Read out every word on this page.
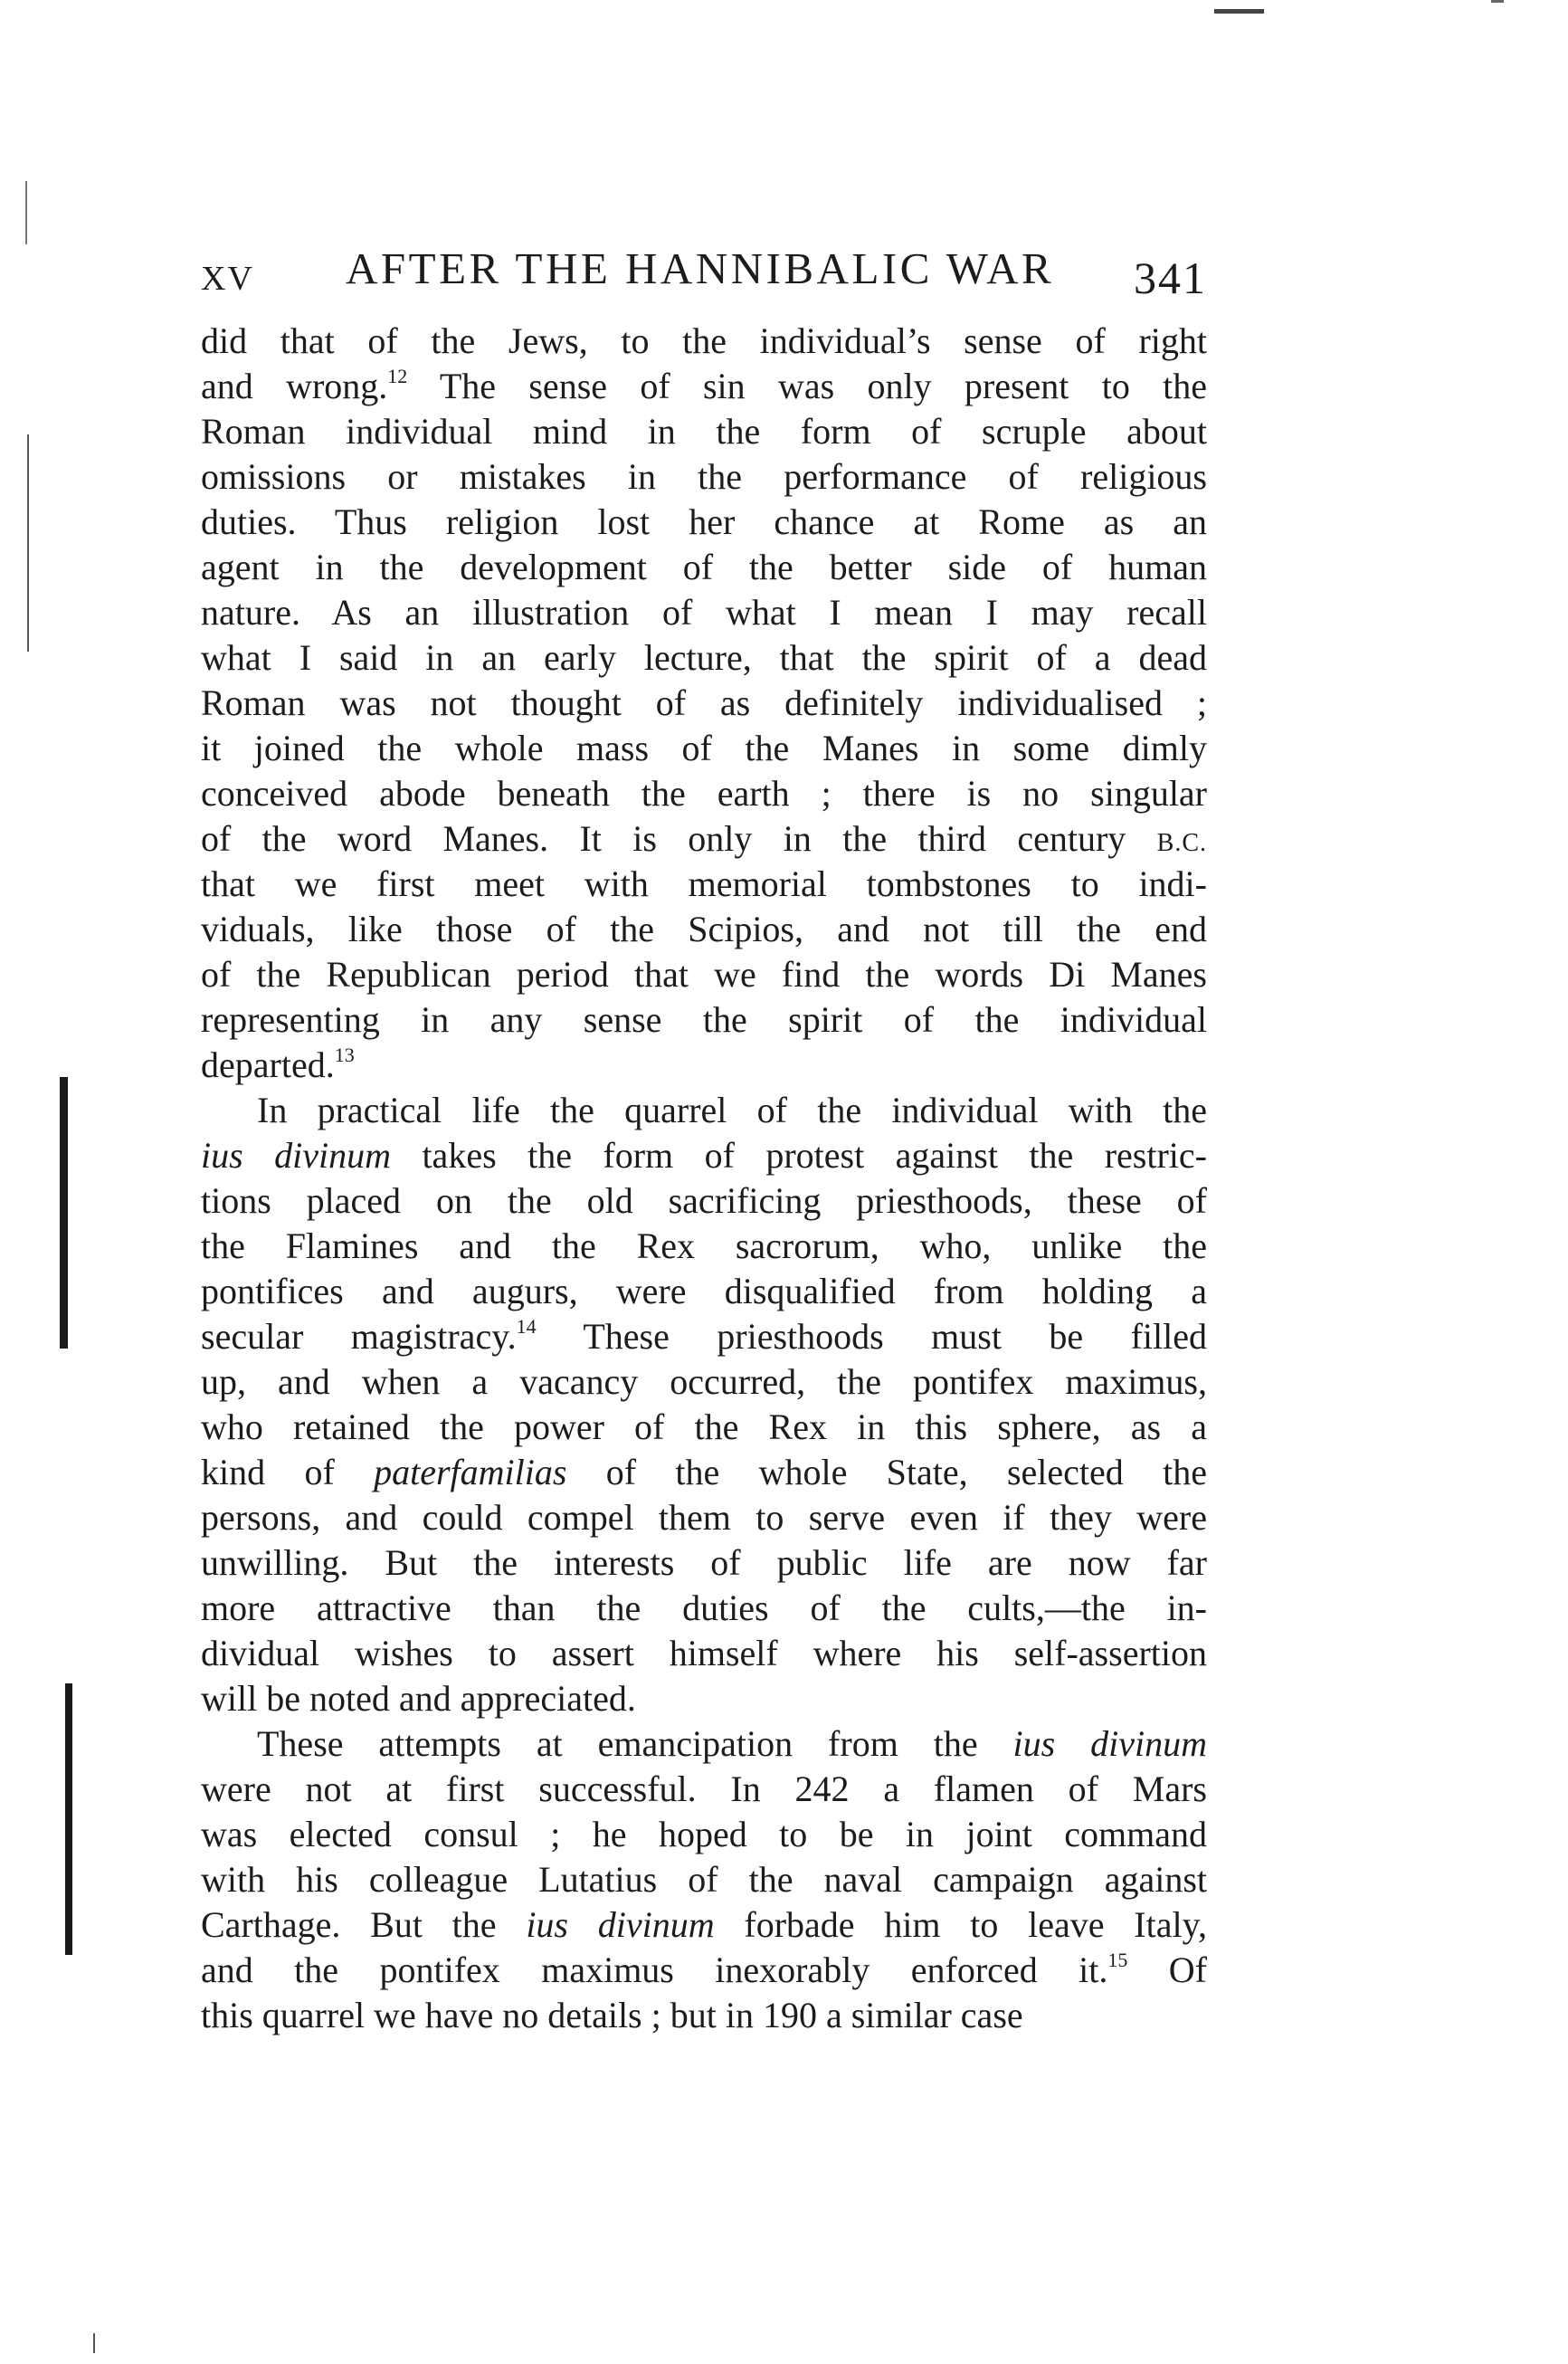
XV AFTER THE HANNIBALIC WAR 341
did that of the Jews, to the individual’s sense of right
and wrong.$^{12}$ The sense of sin was only present to the
Roman individual mind in the form of scruple about
omissions or mistakes in the performance of religious
duties. Thus religion lost her chance at Rome as an
agent in the development of the better side of human
nature. As an illustration of what I mean I may recall
what I said in an early lecture, that the spirit of a dead
Roman was not thought of as definitely individualised ;
it joined the whole mass of the Manes in some dimly
conceived abode beneath the earth ; there is no singular
of the word Manes. It is only in the third century B.C.
that we first meet with memorial tombstones to indi-
viduals, like those of the Scipios, and not till the end
of the Republican period that we find the words Di Manes
representing in any sense the spirit of the individual
departed.$^{13}$
In practical life the quarrel of the individual with the
ius divinum takes the form of protest against the restric-
tions placed on the old sacrificing priesthoods, these of
the Flamines and the Rex sacrorum, who, unlike the
pontifices and augurs, were disqualified from holding a
secular magistracy.$^{14}$ These priesthoods must be filled
up, and when a vacancy occurred, the pontifex maximus,
who retained the power of the Rex in this sphere, as a
kind of paterfamilias of the whole State, selected the
persons, and could compel them to serve even if they were
unwilling. But the interests of public life are now far
more attractive than the duties of the cults,—the in-
dividual wishes to assert himself where his self-assertion
will be noted and appreciated.
These attempts at emancipation from the ius divinum
were not at first successful. In 242 a flamen of Mars
was elected consul ; he hoped to be in joint command
with his colleague Lutatius of the naval campaign against
Carthage. But the ius divinum forbade him to leave Italy,
and the pontifex maximus inexorably enforced it.$^{15}$ Of
this quarrel we have no details ; but in 190 a similar case
